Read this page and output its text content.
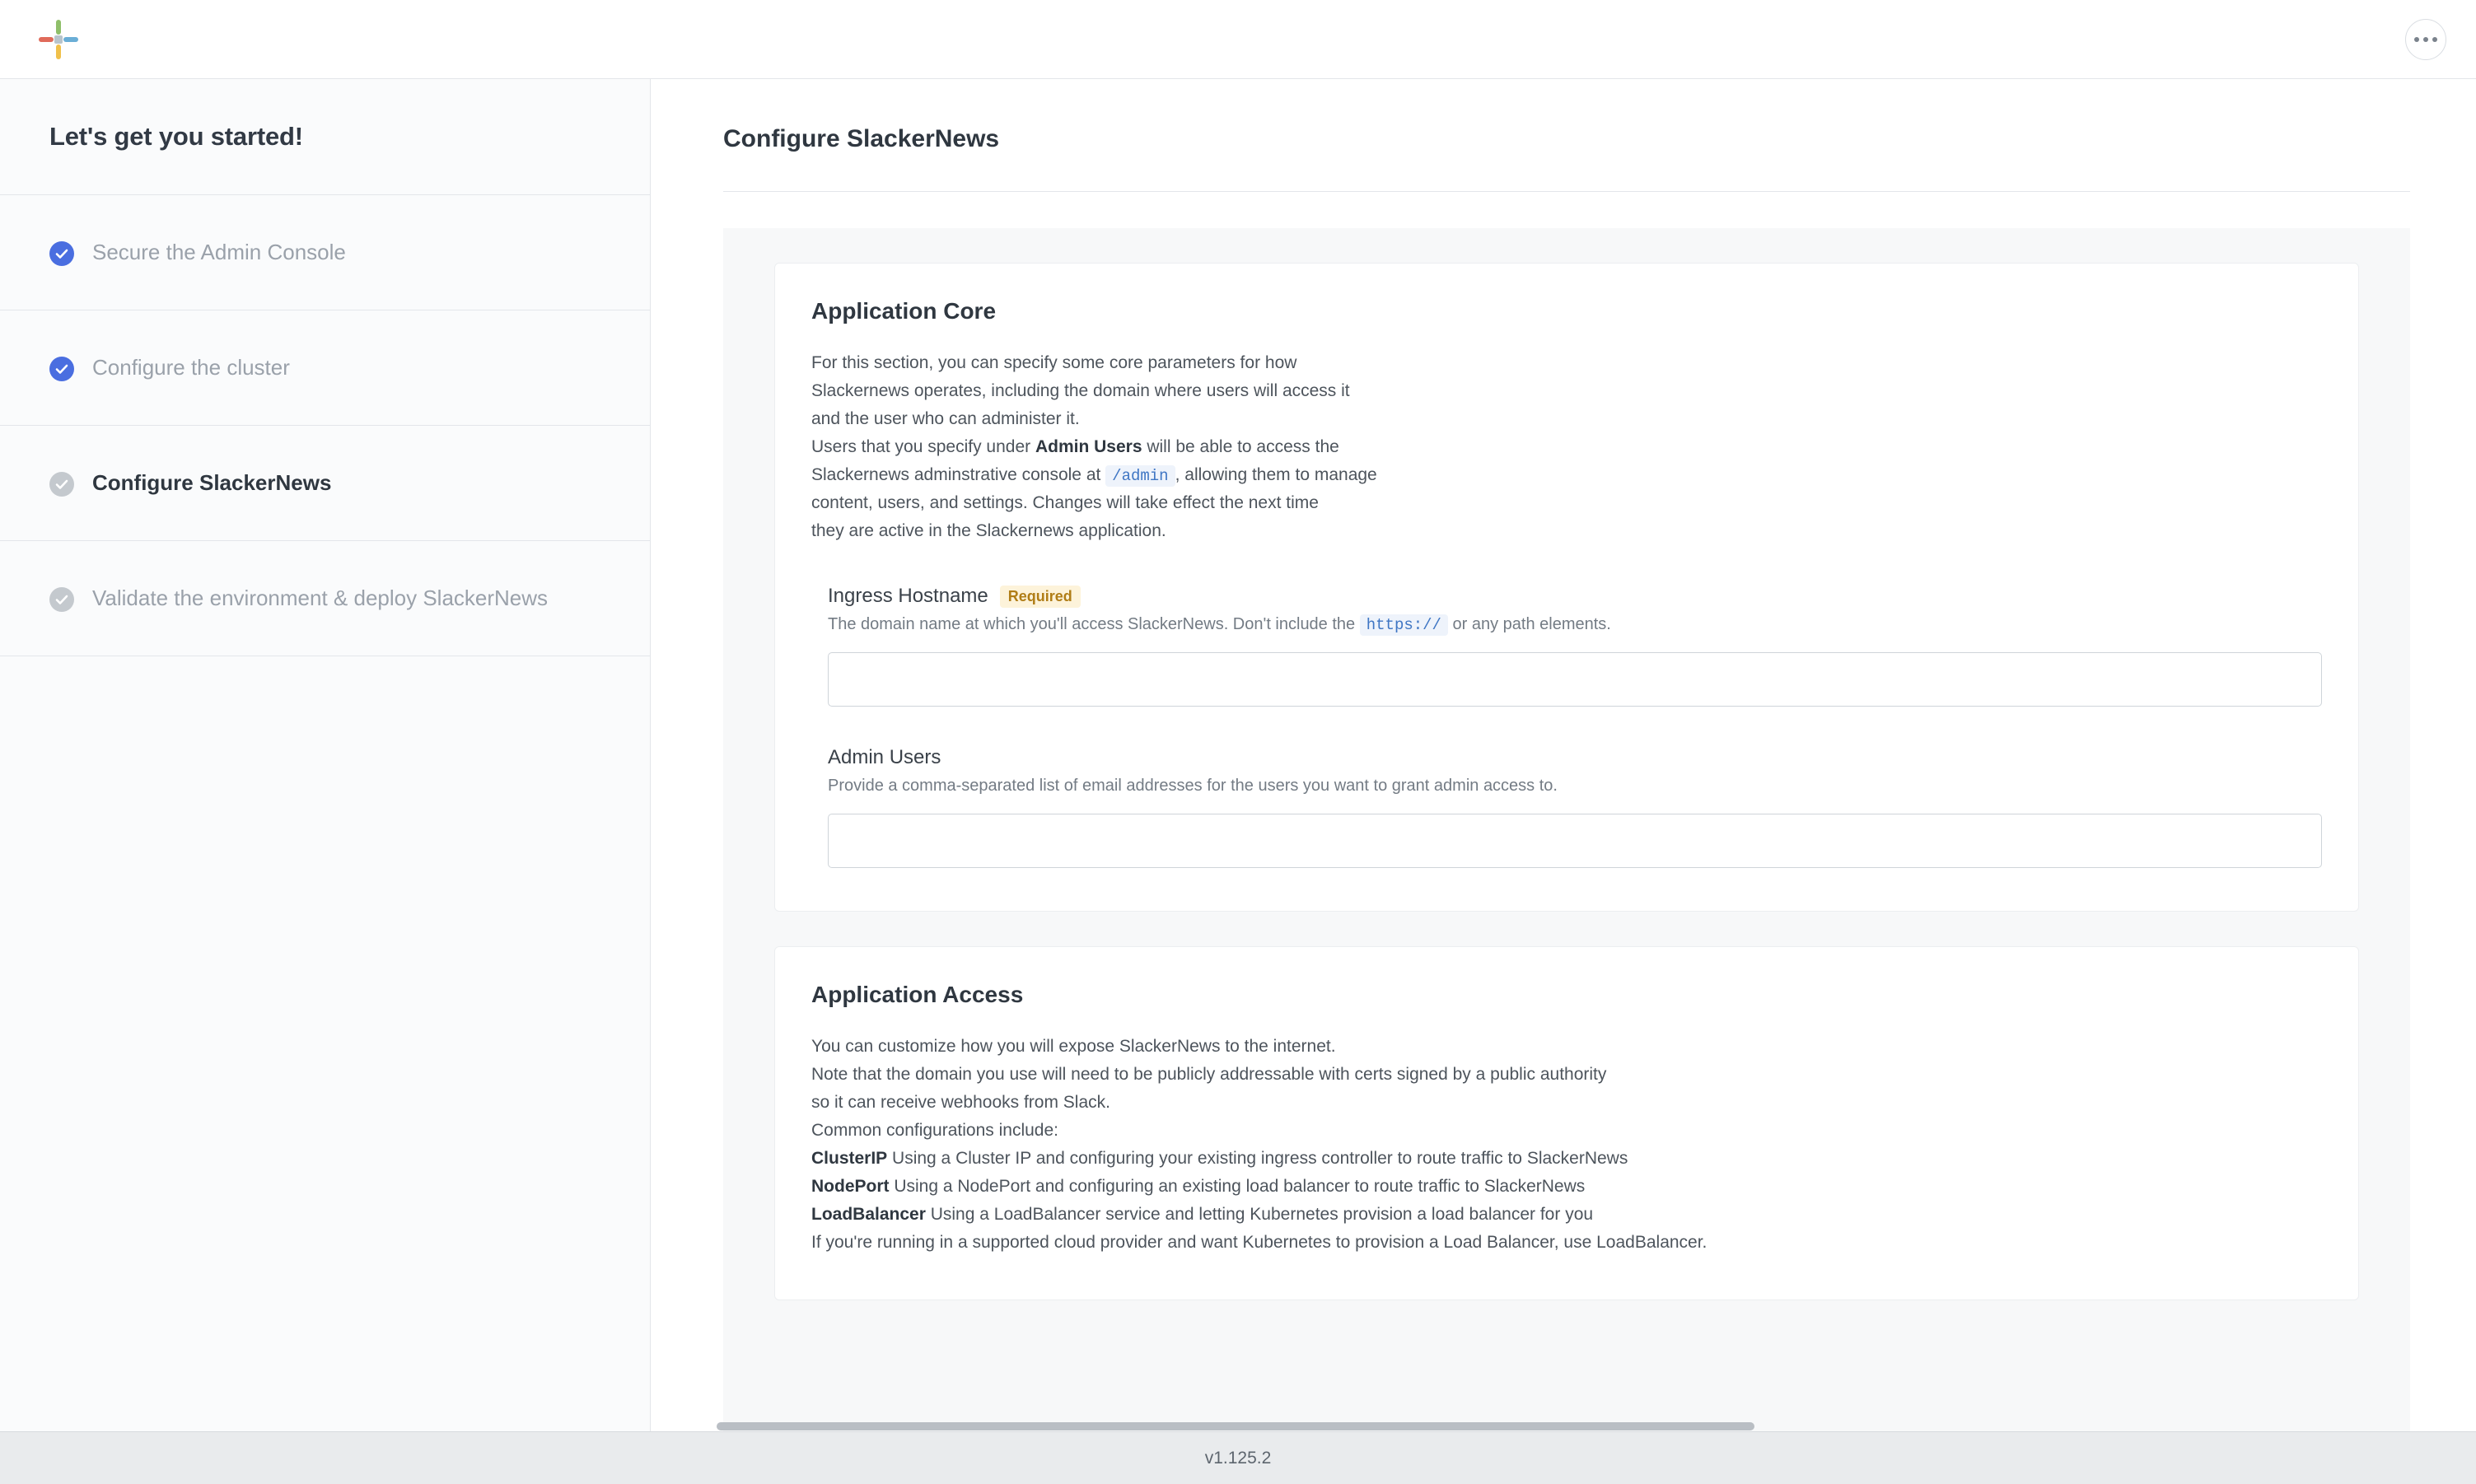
Let's get you started!
Secure the Admin Console
Configure the cluster
Configure SlackerNews
Validate the environment & deploy SlackerNews
Configure SlackerNews
Application Core
For this section, you can specify some core parameters for how
Slackernews operates, including the domain where users will access it
and the user who can administer it.
Users that you specify under Admin Users will be able to access the
Slackernews adminstrative console at /admin , allowing them to manage
content, users, and settings. Changes will take effect the next time
they are active in the Slackernews application.
Ingress Hostname	Required
The domain name at which you'll access SlackerNews. Don't include the https:// or any path elements.
Admin Users
Provide a comma-separated list of email addresses for the users you want to grant admin access to.
Application Access
You can customize how you will expose SlackerNews to the internet.
Note that the domain you use will need to be publicly addressable with certs signed by a public authority
so it can receive webhooks from Slack.
Common configurations include:
ClusterIP Using a Cluster IP and configuring your existing ingress controller to route traffic to SlackerNews
NodePort Using a NodePort and configuring an existing load balancer to route traffic to SlackerNews
LoadBalancer Using a LoadBalancer service and letting Kubernetes provision a load balancer for you
If you're running in a supported cloud provider and want Kubernetes to provision a Load Balancer, use LoadBalancer.
v1.125.2
